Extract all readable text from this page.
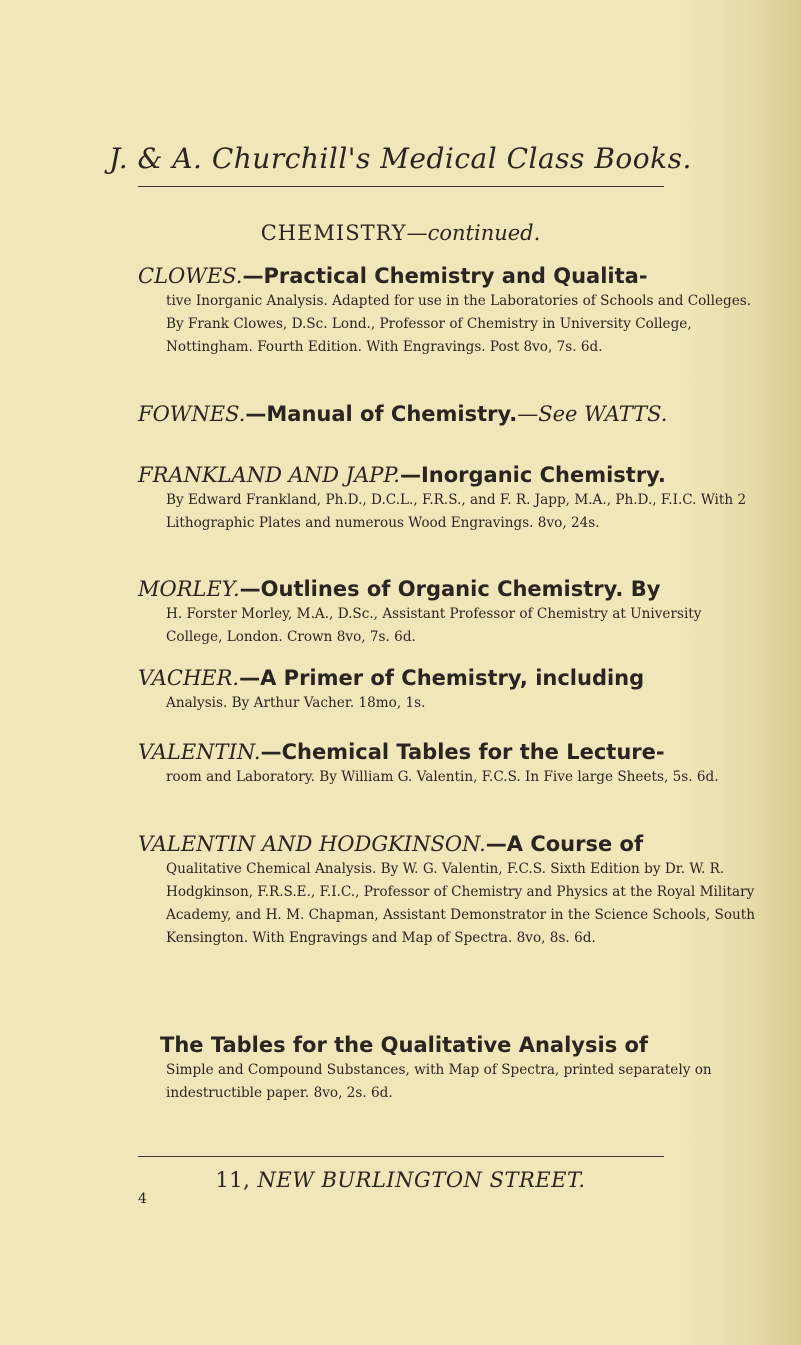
J. & A. Churchill's Medical Class Books.
CHEMISTRY—continued.
CLOWES.—Practical Chemistry and Qualita-
tive Inorganic Analysis. Adapted for use in the Laboratories of Schools and Colleges. By Frank Clowes, D.Sc. Lond., Professor of Chemistry in University College, Nottingham. Fourth Edition. With Engravings. Post 8vo, 7s. 6d.
FOWNES.—Manual of Chemistry.—See WATTS.
FRANKLAND AND JAPP.—Inorganic Chemistry.
By Edward Frankland, Ph.D., D.C.L., F.R.S., and F. R. Japp, M.A., Ph.D., F.I.C. With 2 Lithographic Plates and numerous Wood Engravings. 8vo, 24s.
MORLEY.—Outlines of Organic Chemistry. By
H. Forster Morley, M.A., D.Sc., Assistant Professor of Chemistry at University College, London. Crown 8vo, 7s. 6d.
VACHER.—A Primer of Chemistry, including
Analysis. By Arthur Vacher. 18mo, 1s.
VALENTIN.—Chemical Tables for the Lecture-
room and Laboratory. By William G. Valentin, F.C.S. In Five large Sheets, 5s. 6d.
VALENTIN AND HODGKINSON.—A Course of
Qualitative Chemical Analysis. By W. G. Valentin, F.C.S. Sixth Edition by Dr. W. R. Hodgkinson, F.R.S.E., F.I.C., Professor of Chemistry and Physics at the Royal Military Academy, and H. M. Chapman, Assistant Demonstrator in the Science Schools, South Kensington. With Engravings and Map of Spectra. 8vo, 8s. 6d.
The Tables for the Qualitative Analysis of
Simple and Compound Substances, with Map of Spectra, printed separately on indestructible paper. 8vo, 2s. 6d.
11, NEW BURLINGTON STREET.
4
